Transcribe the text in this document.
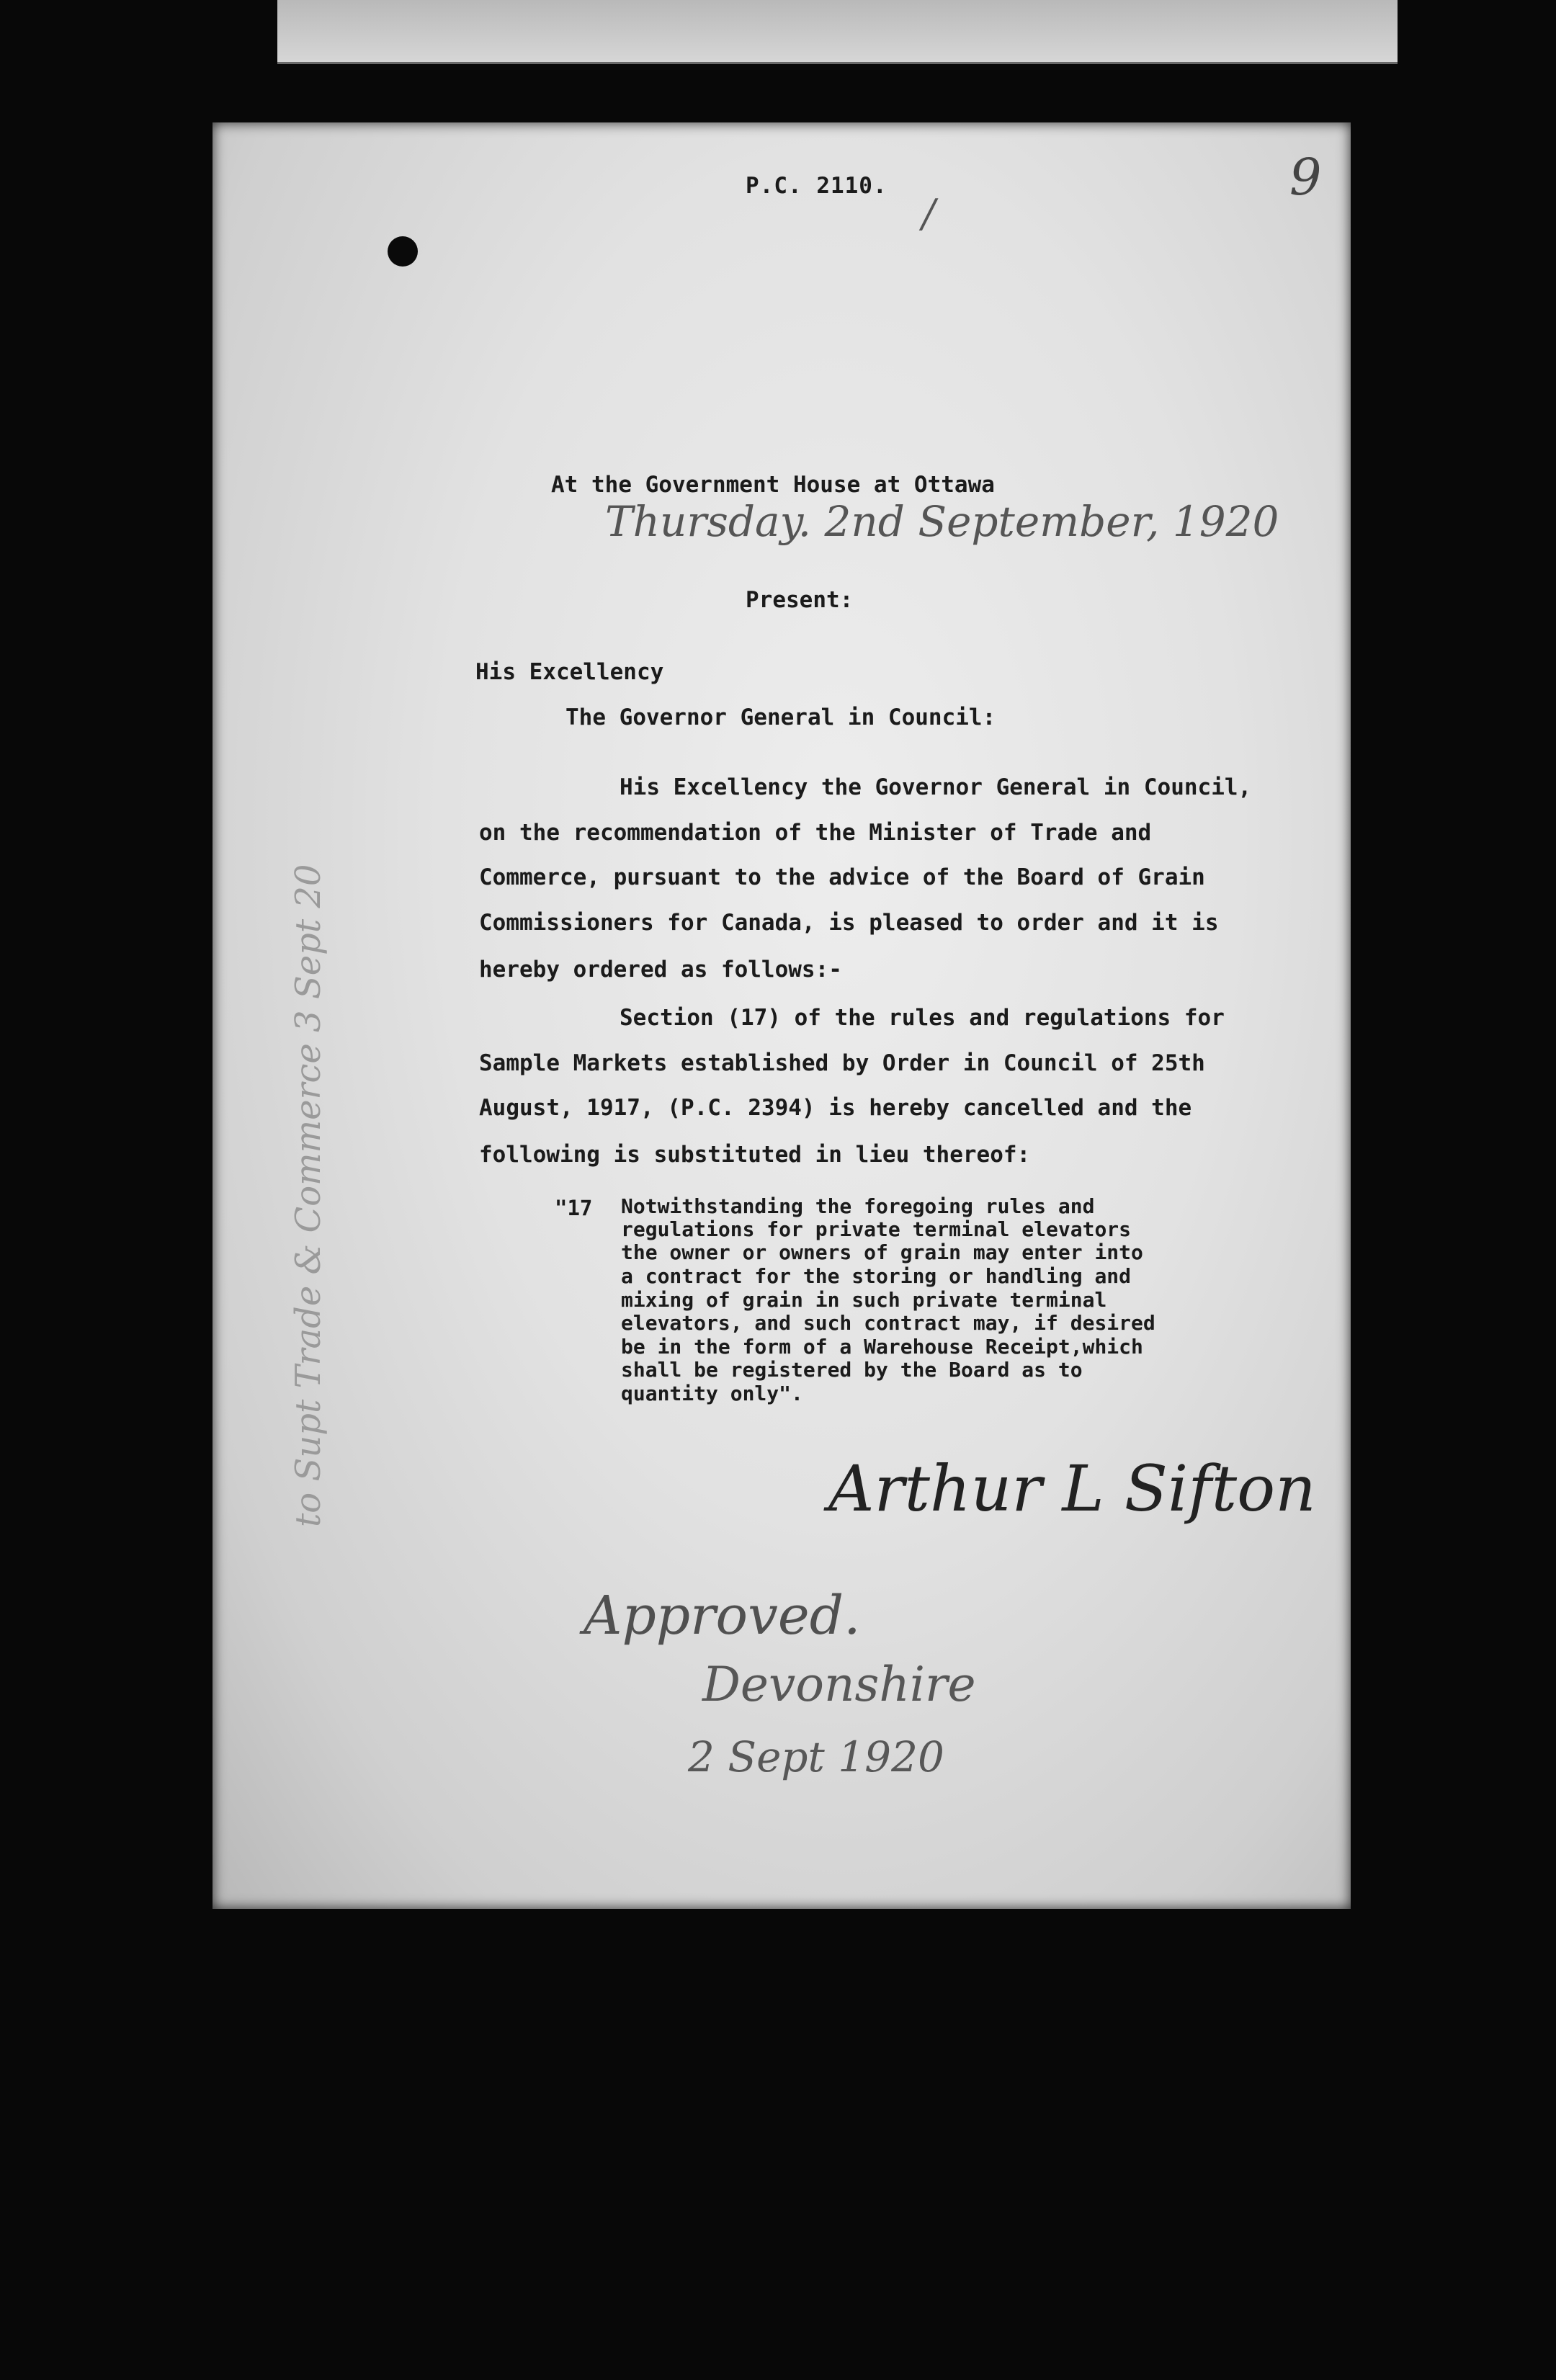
P.C. 2110.	9
/
At the Government House at Ottawa
Thursday. 2nd September, 1920
Present:
His Excellency
The Governor General in Council:
His Excellency the Governor General in Council,
on the recommendation of the Minister of Trade and
Commerce, pursuant to the advice of the Board of Grain
Commissioners for Canada, is pleased to order and it is
hereby ordered as follows:-
Section (17) of the rules and regulations for
Sample Markets established by Order in Council of 25th
August, 1917, (P.C. 2394) is hereby cancelled and the
following is substituted in lieu thereof:
"17 Notwithstanding the foregoing rules and
regulations for private terminal elevators
the owner or owners of grain may enter into
a contract for the storing or handling and
mixing of grain in such private terminal
elevators, and such contract may, if desired
be in the form of a Warehouse Receipt,which
shall be registered by the Board as to
quantity only".
Arthur L Sifton
Approved.
Devonshire
2 Sept 1920
to Supt Trade & Commerce 3 Sept 20
